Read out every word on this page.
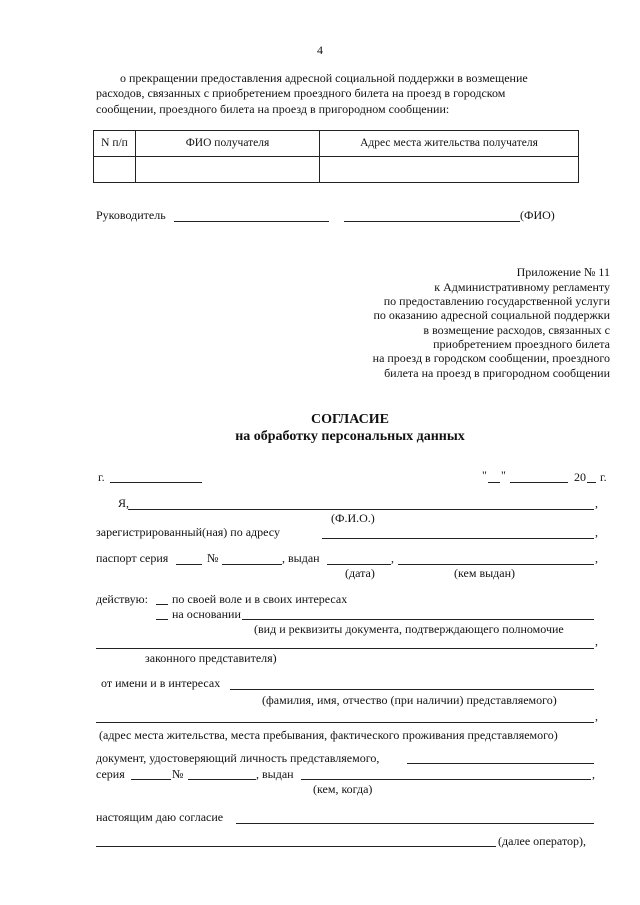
4
о прекращении предоставления адресной социальной поддержки в возмещение
расходов, связанных с приобретением проездного билета на проезд в городском
сообщении, проездного билета на проезд в пригородном сообщении:
N п/п	ФИО получателя	Адрес места жительства получателя

Руководитель	(ФИО)
Приложение № 11
к Административному регламенту
по предоставлению государственной услуги
по оказанию адресной социальной поддержки
в возмещение расходов, связанных с
приобретением проездного билета
на проезд в городском сообщении, проездного
билета на проезд в пригородном сообщении
СОГЛАСИЕ
на обработку персональных данных
г.	" "	20 г.
Я,	,
(Ф.И.О.)
зарегистрированный(ная) по адресу	,
паспорт серия	№	, выдан	,	,
(дата)	(кем выдан)
действую: по своей воле и в своих интересах
на основании
(вид и реквизиты документа, подтверждающего полномочие
,
законного представителя)
от имени и в интересах
(фамилия, имя, отчество (при наличии) представляемого)
,
(адрес места жительства, места пребывания, фактического проживания представляемого)
документ, удостоверяющий личность представляемого,
серия	№	, выдан	,
(кем, когда)
настоящим даю согласие
(далее оператор),
